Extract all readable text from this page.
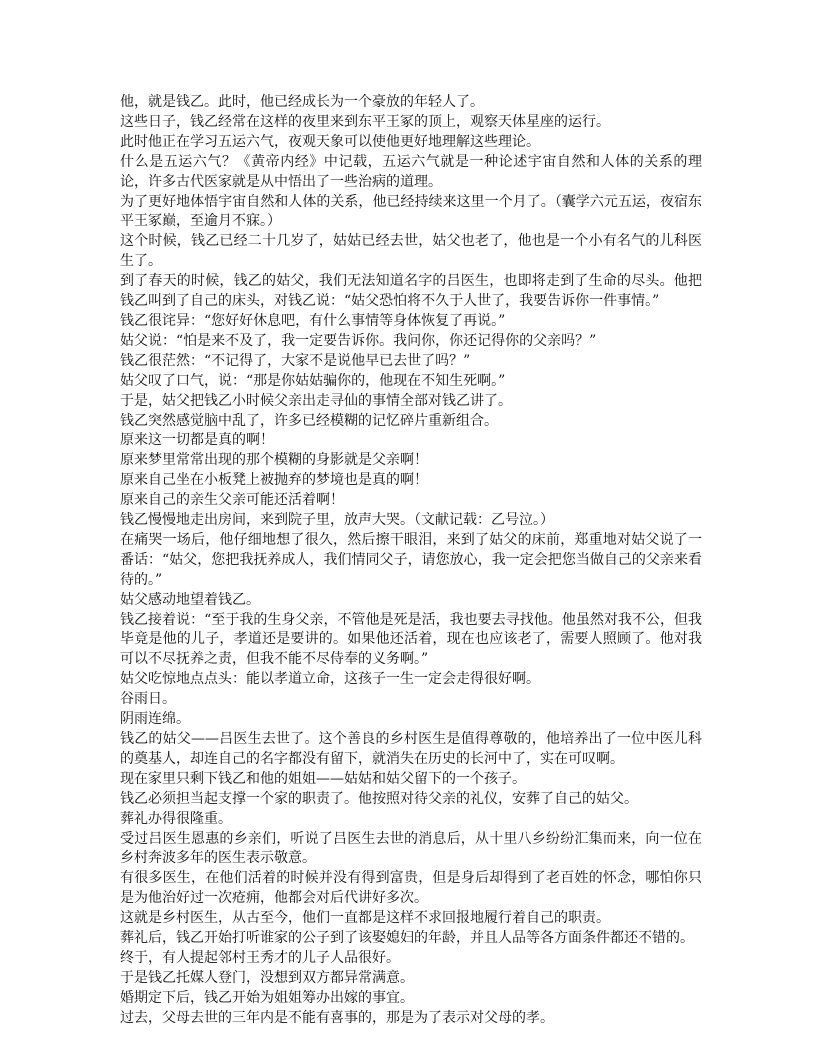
他，就是钱乙。此时，他已经成长为一个豪放的年轻人了。

这些日子，钱乙经常在这样的夜里来到东平王冢的顶上，观察天体星座的运行。

此时他正在学习五运六气，夜观天象可以使他更好地理解这些理论。

什么是五运六气？《黄帝内经》中记载，五运六气就是一种论述宇宙自然和人体的关系的理论，许多古代医家就是从中悟出了一些治病的道理。

为了更好地体悟宇宙自然和人体的关系，他已经持续来这里一个月了。（囊学六元五运，夜宿东平王冢巅，至逾月不寐。）

这个时候，钱乙已经二十几岁了，姑姑已经去世，姑父也老了，他也是一个小有名气的儿科医生了。

到了春天的时候，钱乙的姑父，我们无法知道名字的吕医生，也即将走到了生命的尽头。他把钱乙叫到了自己的床头，对钱乙说：“姑父恐怕将不久于人世了，我要告诉你一件事情。”

钱乙很诧异：“您好好休息吧，有什么事情等身体恢复了再说。”

姑父说：“怕是来不及了，我一定要告诉你。我问你，你还记得你的父亲吗？”

钱乙很茫然：“不记得了，大家不是说他早已去世了吗？”

姑父叹了口气，说：“那是你姑姑骗你的，他现在不知生死啊。”

于是，姑父把钱乙小时候父亲出走寻仙的事情全部对钱乙讲了。

钱乙突然感觉脑中乱了，许多已经模糊的记忆碎片重新组合。

原来这一切都是真的啊！

原来梦里常常出现的那个模糊的身影就是父亲啊！

原来自己坐在小板凳上被抛弃的梦境也是真的啊！

原来自己的亲生父亲可能还活着啊！

钱乙慢慢地走出房间，来到院子里，放声大哭。（文献记载：乙号泣。）

在痛哭一场后，他仔细地想了很久，然后擦干眼泪，来到了姑父的床前，郑重地对姑父说了一番话：“姑父，您把我抚养成人，我们情同父子，请您放心，我一定会把您当做自己的父亲来看待的。”

姑父感动地望着钱乙。

钱乙接着说：“至于我的生身父亲，不管他是死是活，我也要去寻找他。他虽然对我不公，但我毕竟是他的儿子，孝道还是要讲的。如果他还活着，现在也应该老了，需要人照顾了。他对我可以不尽抚养之责，但我不能不尽侍奉的义务啊。”

姑父吃惊地点点头：能以孝道立命，这孩子一生一定会走得很好啊。

谷雨日。

阴雨连绵。

钱乙的姑父——吕医生去世了。这个善良的乡村医生是值得尊敬的，他培养出了一位中医儿科的奠基人，却连自己的名字都没有留下，就消失在历史的长河中了，实在可叹啊。

现在家里只剩下钱乙和他的姐姐——姑姑和姑父留下的一个孩子。

钱乙必须担当起支撑一个家的职责了。他按照对待父亲的礼仪，安葬了自己的姑父。

葬礼办得很隆重。

受过吕医生恩惠的乡亲们，听说了吕医生去世的消息后，从十里八乡纷纷汇集而来，向一位在乡村奔波多年的医生表示敬意。

有很多医生，在他们活着的时候并没有得到富贵，但是身后却得到了老百姓的怀念，哪怕你只是为他治好过一次疮痈，他都会对后代讲好多次。

这就是乡村医生，从古至今，他们一直都是这样不求回报地履行着自己的职责。

葬礼后，钱乙开始打听谁家的公子到了该娶媳妇的年龄，并且人品等各方面条件都还不错的。

终于，有人提起邻村王秀才的儿子人品很好。

于是钱乙托媒人登门，没想到双方都异常满意。

婚期定下后，钱乙开始为姐姐筹办出嫁的事宜。

过去，父母去世的三年内是不能有喜事的，那是为了表示对父母的孝。
